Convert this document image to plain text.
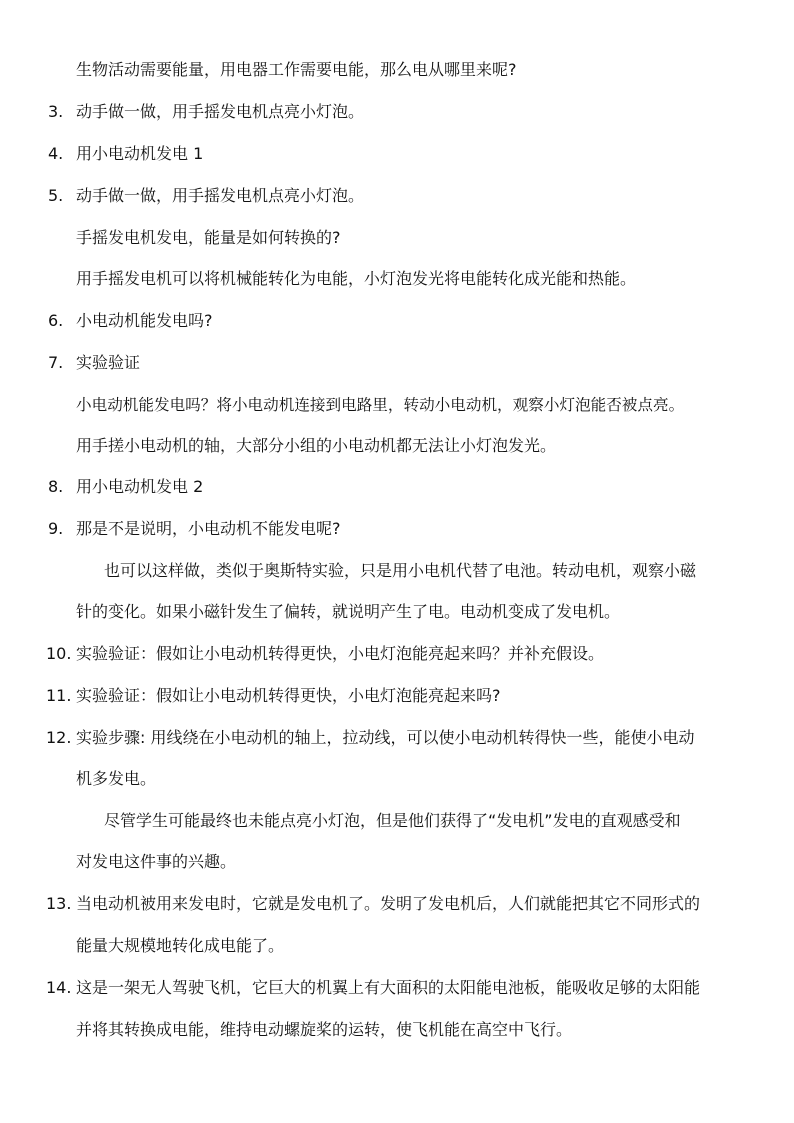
生物活动需要能量，用电器工作需要电能，那么电从哪里来呢?
3. 动手做一做，用手摇发电机点亮小灯泡。
4. 用小电动机发电 1
5. 动手做一做，用手摇发电机点亮小灯泡。
手摇发电机发电，能量是如何转换的?
用手摇发电机可以将机械能转化为电能，小灯泡发光将电能转化成光能和热能。
6. 小电动机能发电吗?
7. 实验验证
小电动机能发电吗？将小电动机连接到电路里，转动小电动机，观察小灯泡能否被点亮。
用手搓小电动机的轴，大部分小组的小电动机都无法让小灯泡发光。
8. 用小电动机发电 2
9. 那是不是说明，小电动机不能发电呢?
也可以这样做，类似于奥斯特实验，只是用小电机代替了电池。转动电机，观察小磁
针的变化。如果小磁针发生了偏转，就说明产生了电。电动机变成了发电机。
10. 实验验证：假如让小电动机转得更快，小电灯泡能亮起来吗？并补充假设。
11. 实验验证：假如让小电动机转得更快，小电灯泡能亮起来吗?
12. 实验步骤: 用线绕在小电动机的轴上，拉动线，可以使小电动机转得快一些，能使小电动
机多发电。
尽管学生可能最终也未能点亮小灯泡，但是他们获得了“发电机”发电的直观感受和
对发电这件事的兴趣。
13. 当电动机被用来发电时，它就是发电机了。发明了发电机后，人们就能把其它不同形式的
能量大规模地转化成电能了。
14. 这是一架无人驾驶飞机，它巨大的机翼上有大面积的太阳能电池板，能吸收足够的太阳能
并将其转换成电能，维持电动螺旋桨的运转，使飞机能在高空中飞行。
